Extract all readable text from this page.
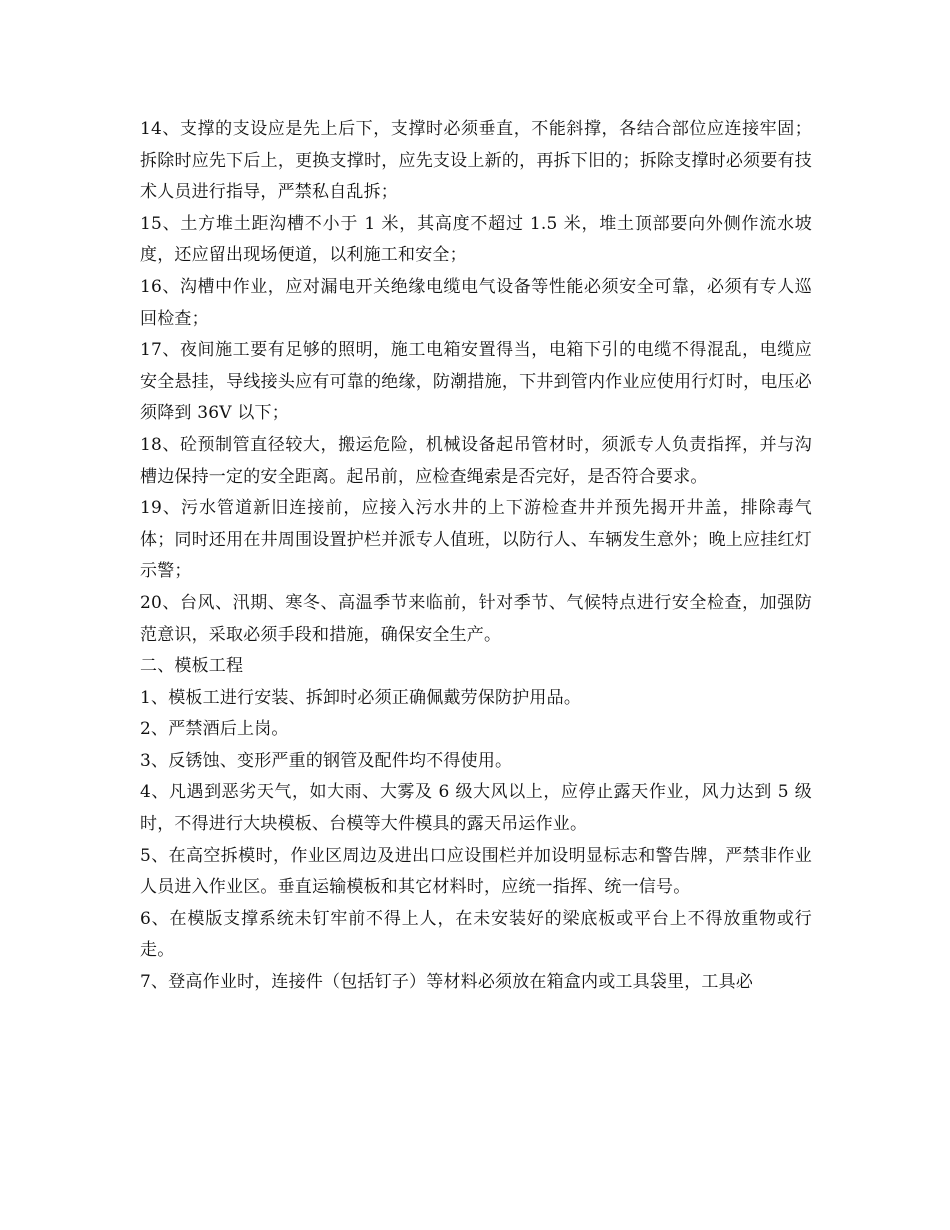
14、支撑的支设应是先上后下，支撑时必须垂直，不能斜撑，各结合部位应连接牢固；拆除时应先下后上，更换支撑时，应先支设上新的，再拆下旧的；拆除支撑时必须要有技术人员进行指导，严禁私自乱拆；

15、土方堆土距沟槽不小于 1 米，其高度不超过 1.5 米，堆土顶部要向外侧作流水坡度，还应留出现场便道，以利施工和安全；

16、沟槽中作业，应对漏电开关绝缘电缆电气设备等性能必须安全可靠，必须有专人巡回检查；

17、夜间施工要有足够的照明，施工电箱安置得当，电箱下引的电缆不得混乱，电缆应安全悬挂，导线接头应有可靠的绝缘，防潮措施，下井到管内作业应使用行灯时，电压必须降到 36V 以下；

18、砼预制管直径较大，搬运危险，机械设备起吊管材时，须派专人负责指挥，并与沟槽边保持一定的安全距离。起吊前，应检查绳索是否完好，是否符合要求。

19、污水管道新旧连接前，应接入污水井的上下游检查井并预先揭开井盖，排除毒气体；同时还用在井周围设置护栏并派专人值班，以防行人、车辆发生意外；晚上应挂红灯示警；

20、台风、汛期、寒冬、高温季节来临前，针对季节、气候特点进行安全检查，加强防范意识，采取必须手段和措施，确保安全生产。

二、模板工程

1、模板工进行安装、拆卸时必须正确佩戴劳保防护用品。

2、严禁酒后上岗。

3、反锈蚀、变形严重的钢管及配件均不得使用。

4、凡遇到恶劣天气，如大雨、大雾及 6 级大风以上，应停止露天作业，风力达到 5 级时，不得进行大块模板、台模等大件模具的露天吊运作业。

5、在高空拆模时，作业区周边及进出口应设围栏并加设明显标志和警告牌，严禁非作业人员进入作业区。垂直运输模板和其它材料时，应统一指挥、统一信号。

6、在模版支撑系统未钉牢前不得上人，在未安装好的梁底板或平台上不得放重物或行走。

7、登高作业时，连接件（包括钉子）等材料必须放在箱盒内或工具袋里，工具必
